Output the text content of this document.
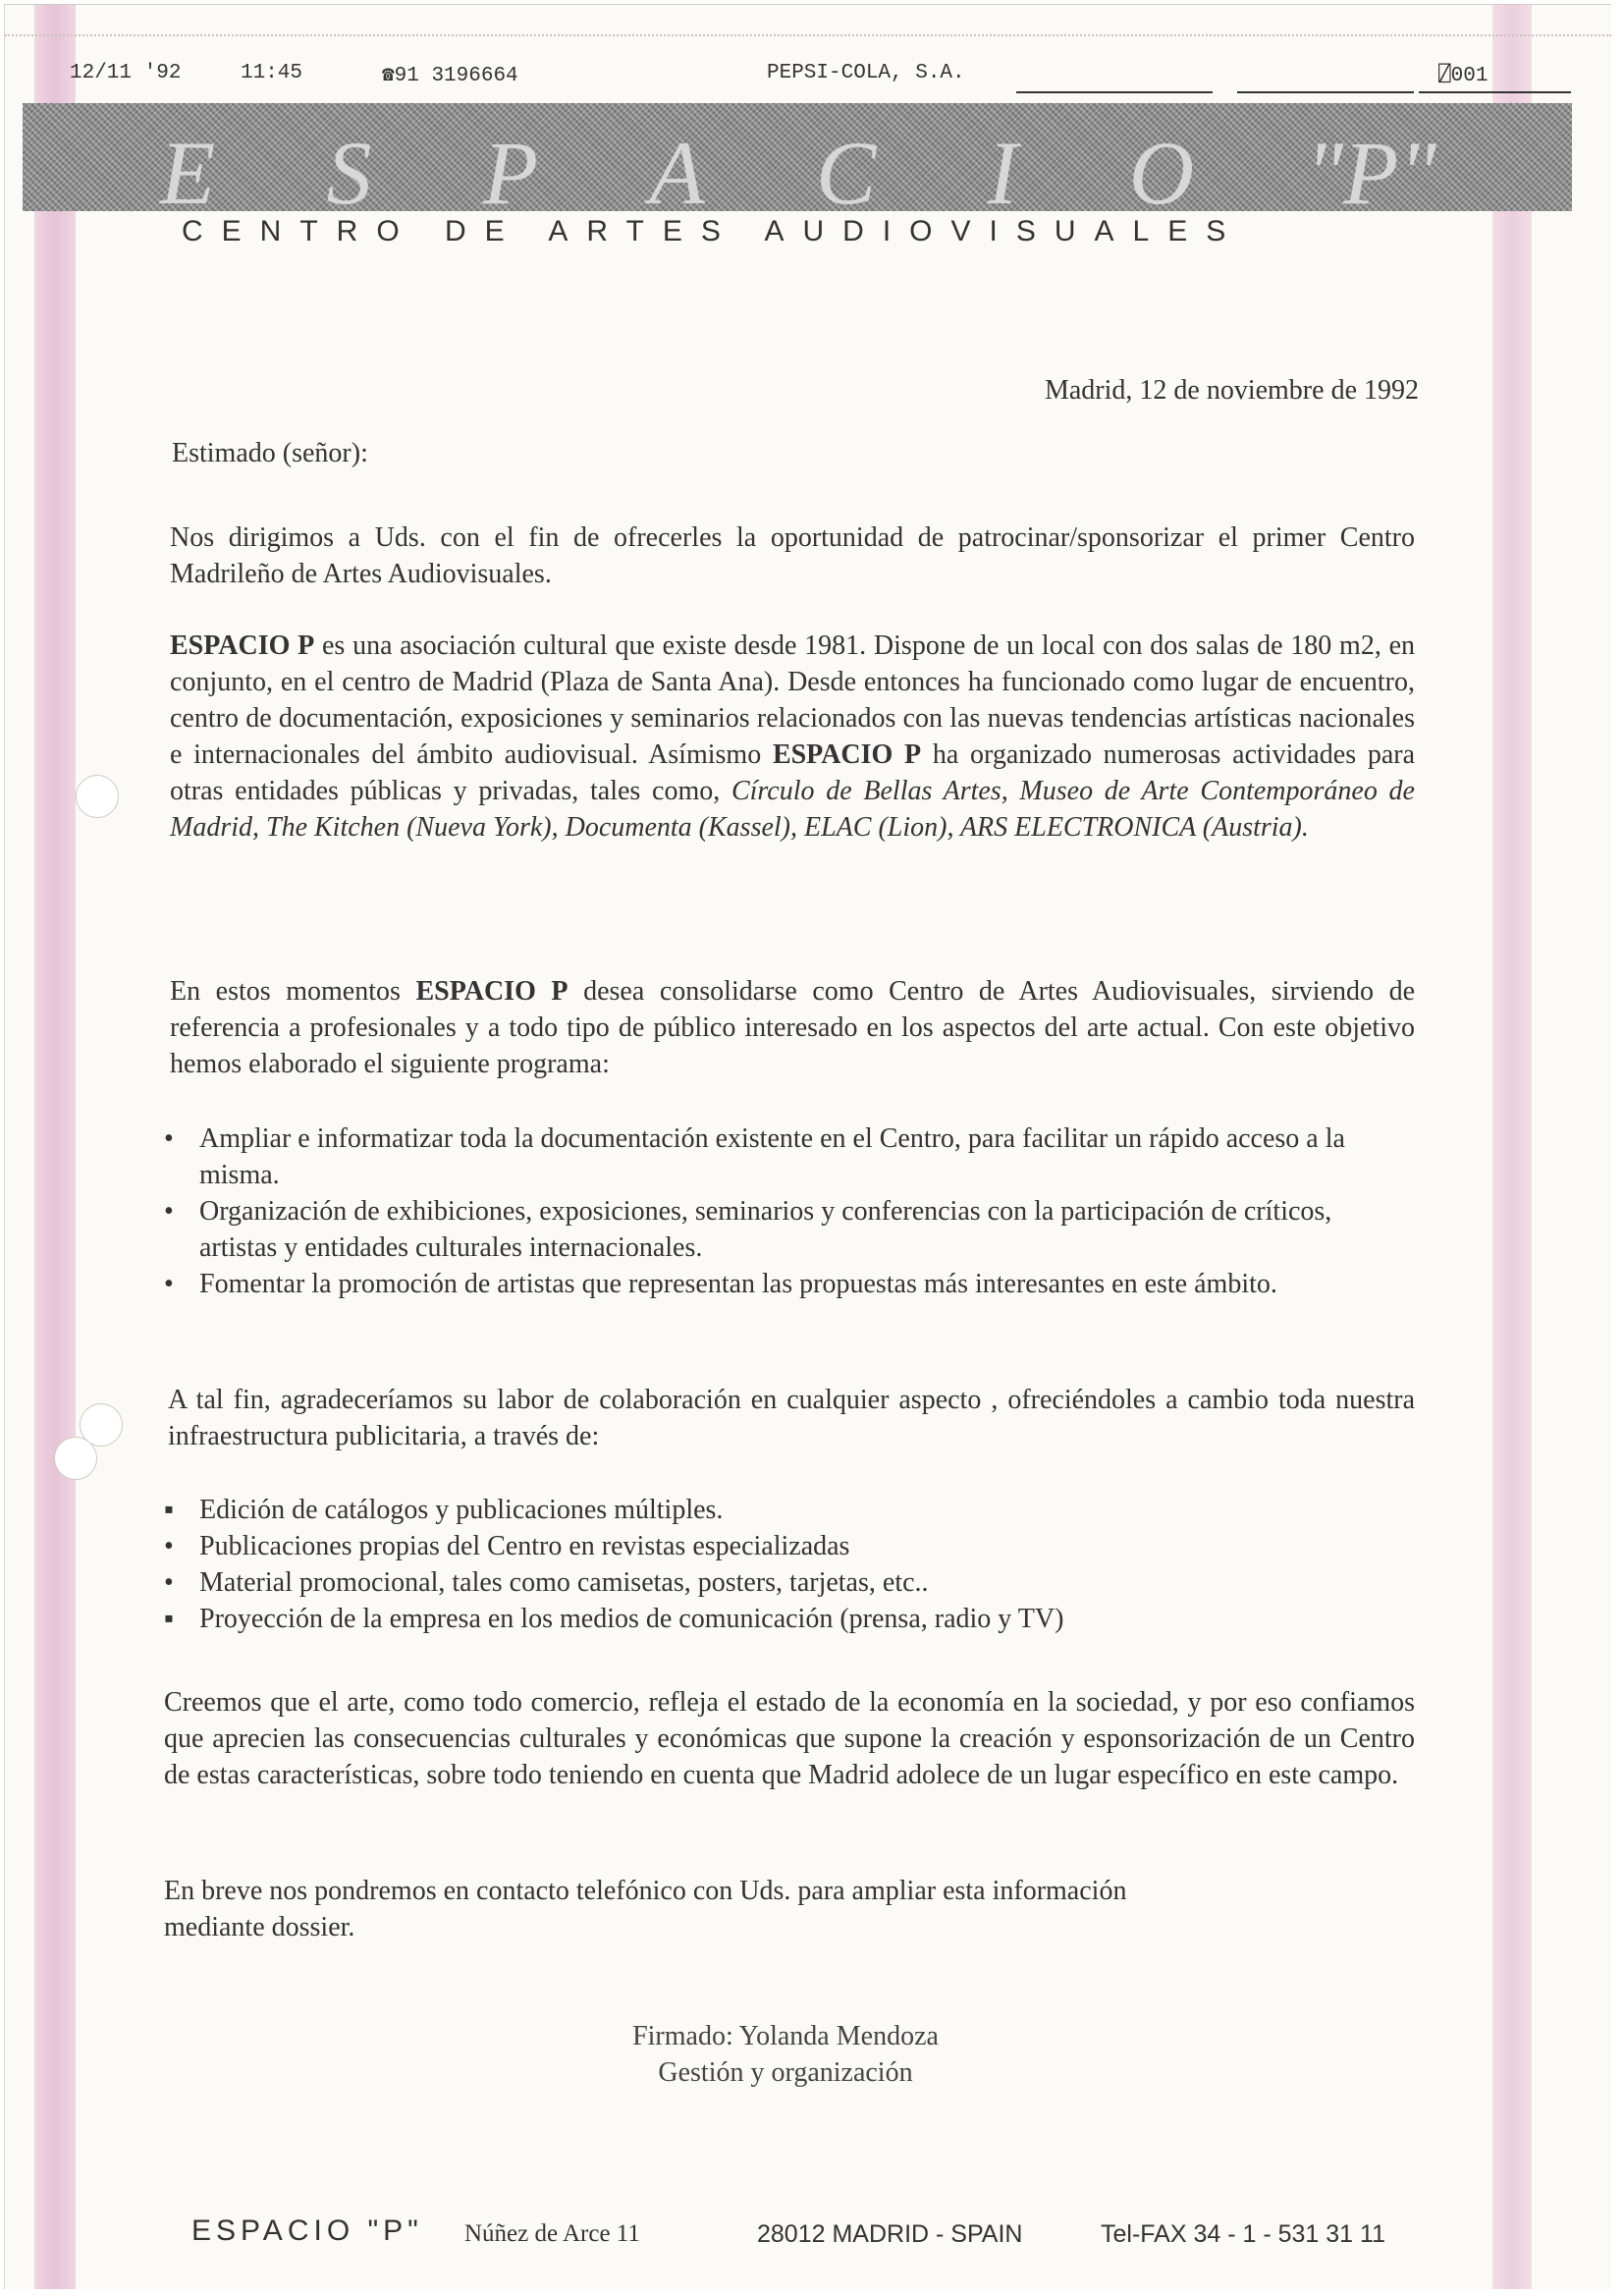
12/11 '92	11:45	☎91 3196664	PEPSI-COLA, S.A.	⍁001
E S P A C I O "P"
CENTRO DE ARTES AUDIOVISUALES
Madrid, 12 de noviembre de 1992
Estimado (señor):
Nos dirigimos a Uds. con el fin de ofrecerles la oportunidad de patrocinar/sponsorizar el primer Centro Madrileño de Artes Audiovisuales.
ESPACIO P es una asociación cultural que existe desde 1981. Dispone de un local con dos salas de 180 m2, en conjunto, en el centro de Madrid (Plaza de Santa Ana). Desde entonces ha funcionado como lugar de encuentro, centro de documentación, exposiciones y seminarios relacionados con las nuevas tendencias artísticas nacionales e internacionales del ámbito audiovisual. Asímismo ESPACIO P ha organizado numerosas actividades para otras entidades públicas y privadas, tales como, Círculo de Bellas Artes, Museo de Arte Contemporáneo de Madrid, The Kitchen (Nueva York), Documenta (Kassel), ELAC (Lion), ARS ELECTRONICA (Austria).
En estos momentos ESPACIO P desea consolidarse como Centro de Artes Audiovisuales, sirviendo de referencia a profesionales y a todo tipo de público interesado en los aspectos del arte actual. Con este objetivo hemos elaborado el siguiente programa:
• Ampliar e informatizar toda la documentación existente en el Centro, para facilitar un rápido acceso a la misma.
• Organización de exhibiciones, exposiciones, seminarios y conferencias con la participación de críticos, artistas y entidades culturales internacionales.
• Fomentar la promoción de artistas que representan las propuestas más interesantes en este ámbito.
A tal fin, agradeceríamos su labor de colaboración en cualquier aspecto , ofreciéndoles a cambio toda nuestra infraestructura publicitaria, a través de:
▪ Edición de catálogos y publicaciones múltiples.
• Publicaciones propias del Centro en revistas especializadas
• Material promocional, tales como camisetas, posters, tarjetas, etc..
▪ Proyección de la empresa en los medios de comunicación (prensa, radio y TV)
Creemos que el arte, como todo comercio, refleja el estado de la economía en la sociedad, y por eso confiamos que aprecien las consecuencias culturales y económicas que supone la creación y esponsorización de un Centro de estas características, sobre todo teniendo en cuenta que Madrid adolece de un lugar específico en este campo.
En breve nos pondremos en contacto telefónico con Uds. para ampliar esta información mediante dossier.
Firmado: Yolanda Mendoza
Gestión y organización
ESPACIO "P" Núñez de Arce 11	28012 MADRID - SPAIN	Tel-FAX 34 - 1 - 531 31 11
